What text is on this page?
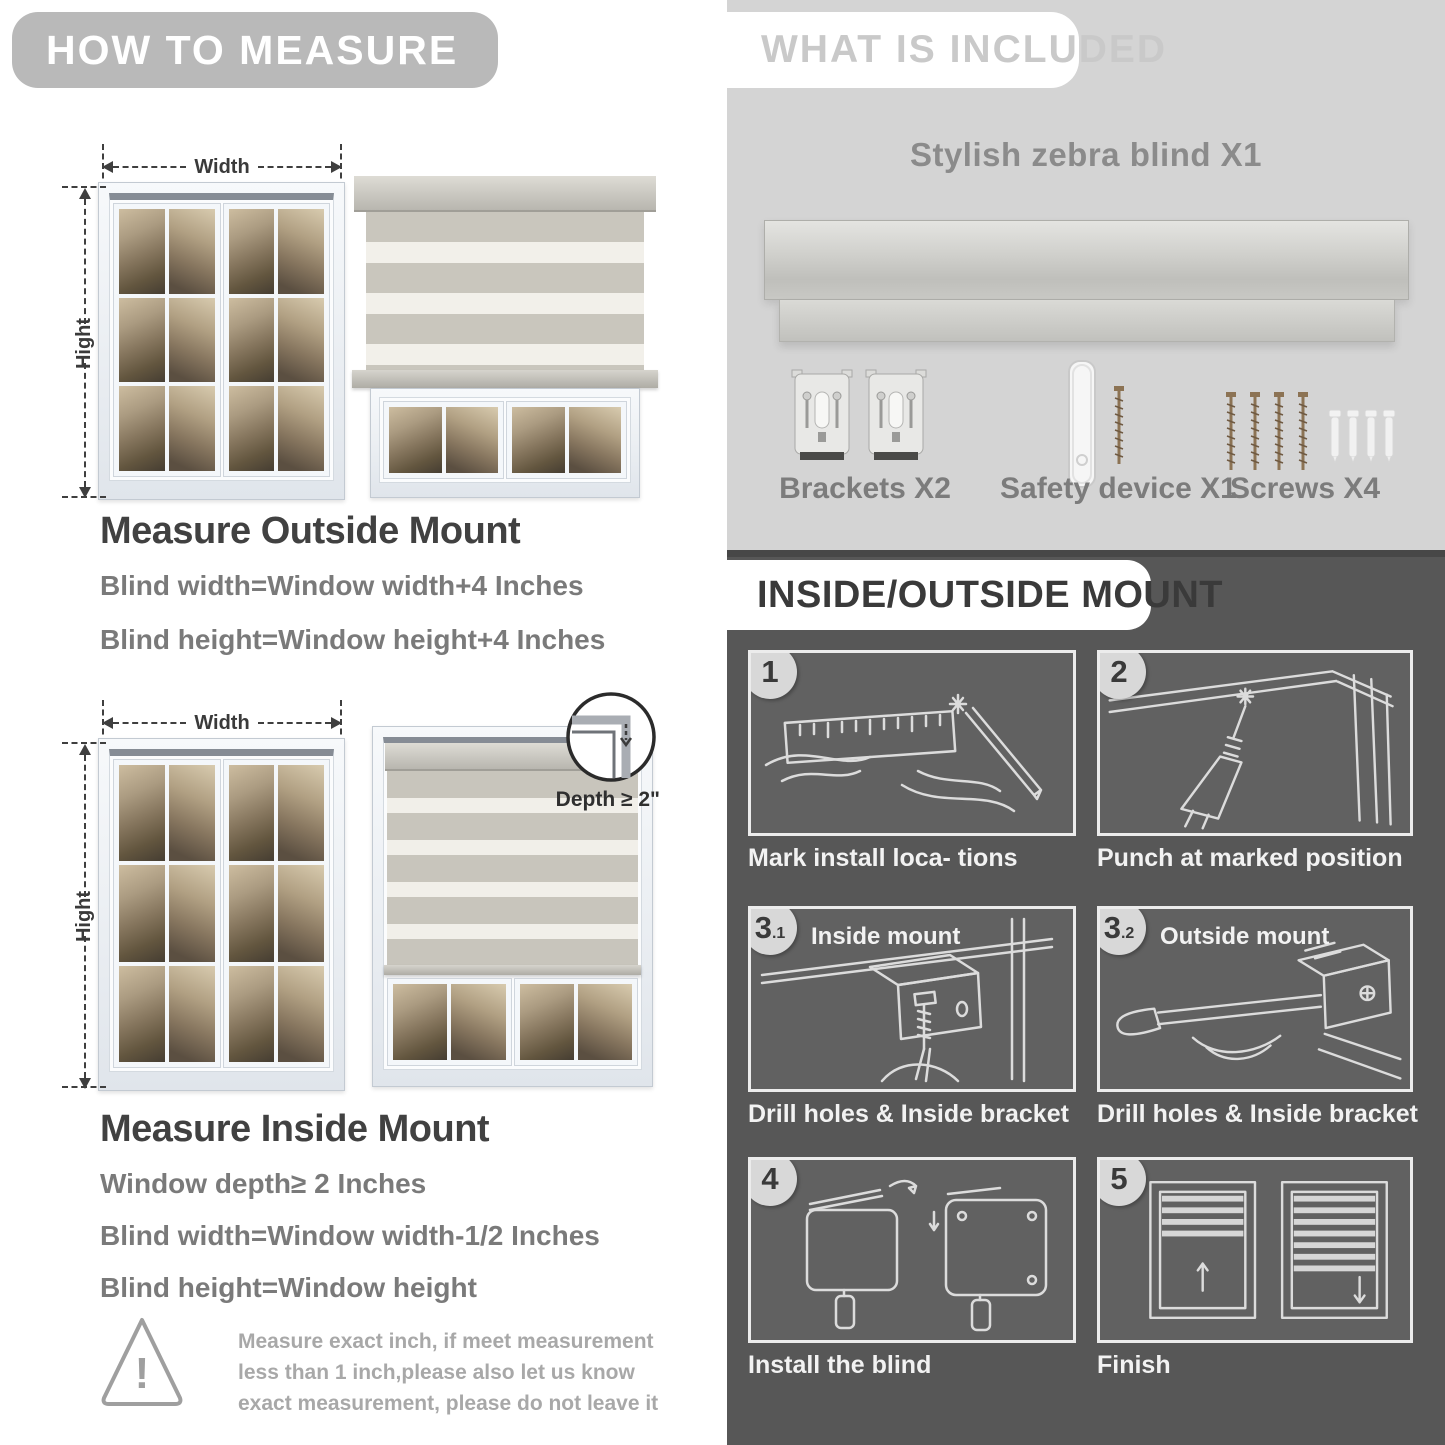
HOW TO MEASURE
Width
Hight
Measure Outside Mount
Blind width=Window width+4 Inches
Blind height=Window height+4 Inches
Width
Hight
Depth ≥ 2"
Measure Inside Mount
Window depth≥ 2 Inches
Blind width=Window width-1/2 Inches
Blind height=Window height
!
Measure exact inch, if meet measurement less than 1 inch,please also let us know exact measurement, please do not leave it
WHAT IS INCLUDED
Stylish zebra blind X1
Brackets X2	Safety device X1
Screws X4
INSIDE/OUTSIDE MOUNT
1
Mark install loca- tions
2
Punch at marked position
3 .1 Inside mount
Drill holes & Inside bracket
3 .2 Outside mount
Drill holes & Inside bracket
4
Install the blind
5
Finish
